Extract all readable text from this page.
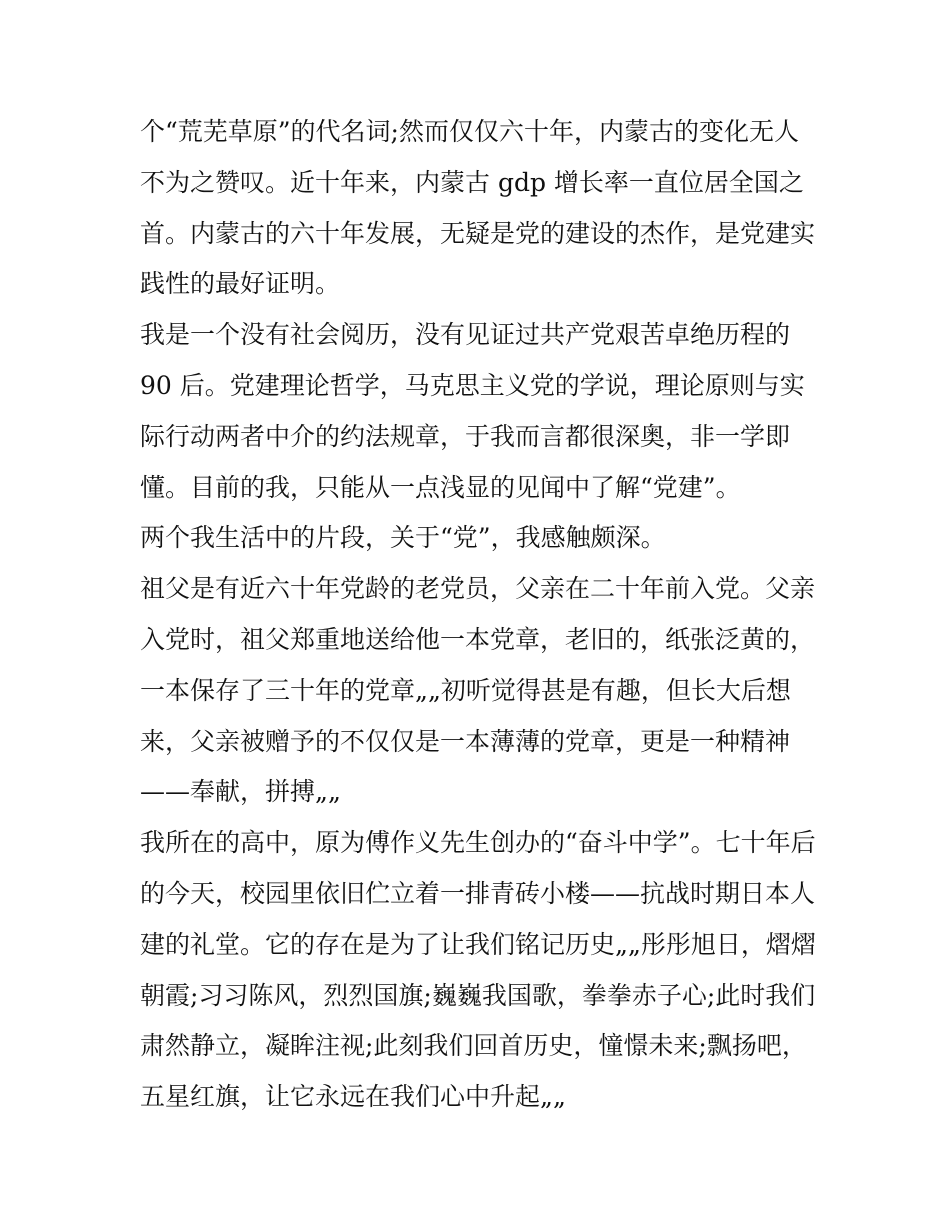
个“荒芜草原”的代名词;然而仅仅六十年，内蒙古的变化无人
不为之赞叹。近十年来，内蒙古 gdp 增长率一直位居全国之
首。内蒙古的六十年发展，无疑是党的建设的杰作，是党建实
践性的最好证明。
我是一个没有社会阅历，没有见证过共产党艰苦卓绝历程的
90 后。党建理论哲学，马克思主义党的学说，理论原则与实
际行动两者中介的约法规章，于我而言都很深奥，非一学即
懂。目前的我，只能从一点浅显的见闻中了解“党建”。
两个我生活中的片段，关于“党”，我感触颇深。
祖父是有近六十年党龄的老党员，父亲在二十年前入党。父亲
入党时，祖父郑重地送给他一本党章，老旧的，纸张泛黄的，
一本保存了三十年的党章„„初听觉得甚是有趣，但长大后想
来，父亲被赠予的不仅仅是一本薄薄的党章，更是一种精神
——奉献，拼搏„„
我所在的高中，原为傅作义先生创办的“奋斗中学”。七十年后
的今天，校园里依旧伫立着一排青砖小楼——抗战时期日本人
建的礼堂。它的存在是为了让我们铭记历史„„彤彤旭日，熠熠
朝霞;习习陈风，烈烈国旗;巍巍我国歌，拳拳赤子心;此时我们
肃然静立，凝眸注视;此刻我们回首历史，憧憬未来;飘扬吧，
五星红旗，让它永远在我们心中升起„„
